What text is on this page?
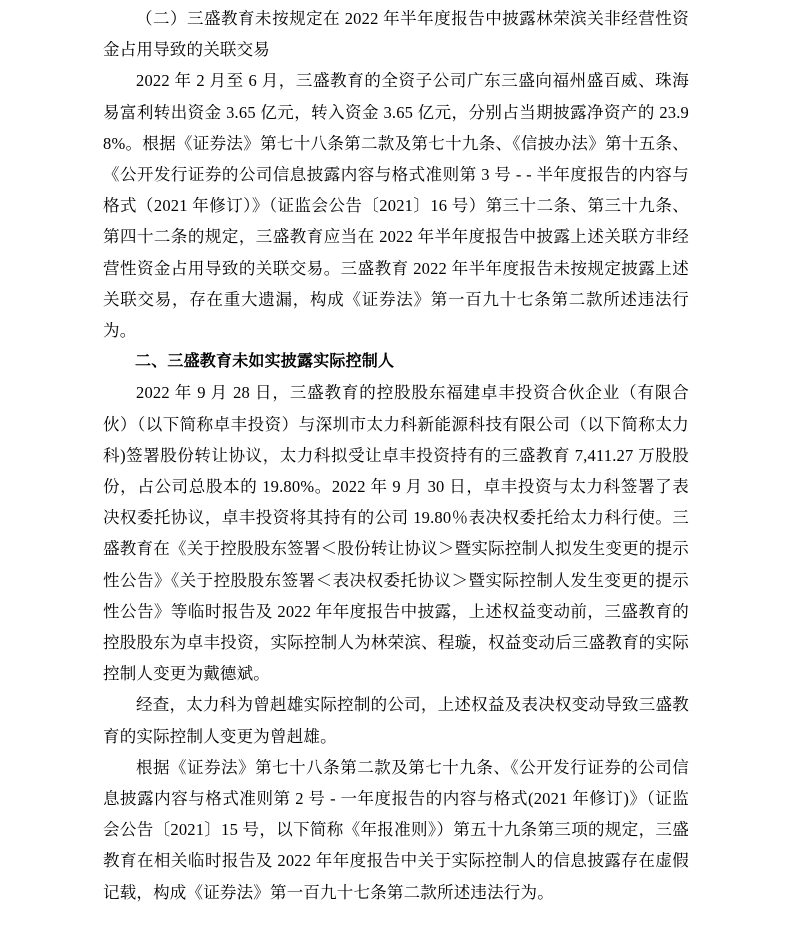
（二）三盛教育未按规定在 2022 年半年度报告中披露林荣滨关非经营性资金占用导致的关联交易

2022 年 2 月至 6 月，三盛教育的全资子公司广东三盛向福州盛百威、珠海易富利转出资金 3.65 亿元，转入资金 3.65 亿元，分别占当期披露净资产的 23.98%。根据《证券法》第七十八条第二款及第七十九条、《信披办法》第十五条、《公开发行证券的公司信息披露内容与格式准则第 3 号 - - 半年度报告的内容与格式（2021 年修订）》（证监会公告〔2021〕16 号）第三十二条、第三十九条、第四十二条的规定，三盛教育应当在 2022 年半年度报告中披露上述关联方非经营性资金占用导致的关联交易。三盛教育 2022 年半年度报告未按规定披露上述关联交易，存在重大遗漏，构成《证券法》第一百九十七条第二款所述违法行为。

二、三盛教育未如实披露实际控制人

2022 年 9 月 28 日，三盛教育的控股股东福建卓丰投资合伙企业（有限合伙）（以下简称卓丰投资）与深圳市太力科新能源科技有限公司（以下简称太力科)签署股份转让协议，太力科拟受让卓丰投资持有的三盛教育 7,411.27 万股股份，占公司总股本的 19.80%。2022 年 9 月 30 日，卓丰投资与太力科签署了表决权委托协议，卓丰投资将其持有的公司 19.80％表决权委托给太力科行使。三盛教育在《关于控股股东签署＜股份转让协议＞暨实际控制人拟发生变更的提示性公告》《关于控股股东签署＜表决权委托协议＞暨实际控制人发生变更的提示性公告》等临时报告及 2022 年年度报告中披露，上述权益变动前，三盛教育的控股股东为卓丰投资，实际控制人为林荣滨、程璇，权益变动后三盛教育的实际控制人变更为戴德斌。

经查，太力科为曾赳雄实际控制的公司，上述权益及表决权变动导致三盛教育的实际控制人变更为曾赳雄。

根据《证券法》第七十八条第二款及第七十九条、《公开发行证券的公司信息披露内容与格式准则第 2 号 - 一年度报告的内容与格式(2021 年修订)》（证监会公告〔2021〕15 号，以下简称《年报准则》）第五十九条第三项的规定，三盛教育在相关临时报告及 2022 年年度报告中关于实际控制人的信息披露存在虚假记载，构成《证券法》第一百九十七条第二款所述违法行为。
